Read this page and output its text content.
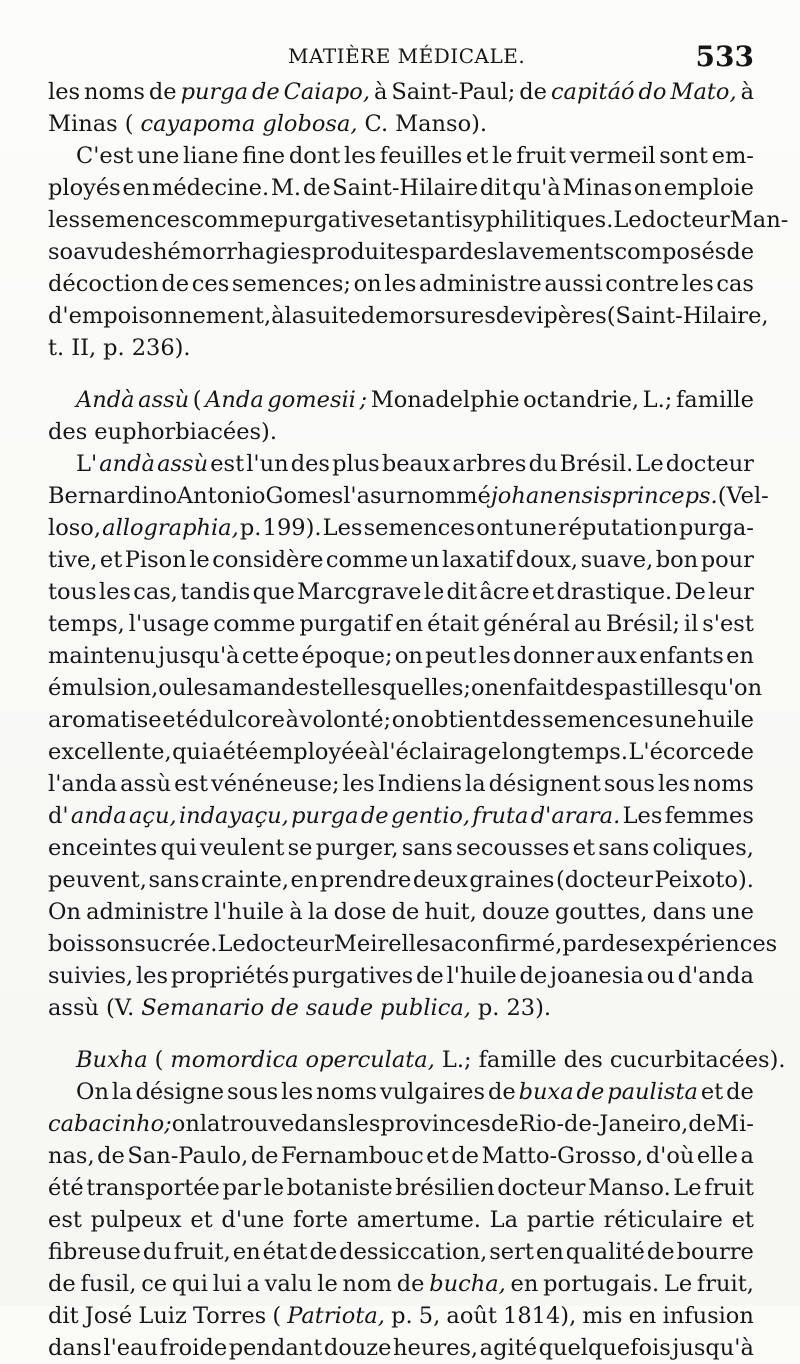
MATIÈRE MÉDICALE.	533
les noms de purga de Caiapo, à Saint-Paul; de capitáó do Mato, à
Minas ( cayapoma globosa, C. Manso).
C'est une liane fine dont les feuilles et le fruit vermeil sont em-
ployés en médecine. M. de Saint-Hilaire dit qu'à Minas on emploie
les semences comme purgatives et antisyphilitiques. Le docteur Man-
so a vu des hémorrhagies produites par des lavements composés de
décoction de ces semences; on les administre aussi contre les cas
d'empoisonnement, à la suite de morsures de vipères (Saint-Hilaire,
t. II, p. 236).
Andà assù ( Anda gomesii ; Monadelphie octandrie, L.; famille
des euphorbiacées).
L' andà assù est l'un des plus beaux arbres du Brésil. Le docteur
Bernardino Antonio Gomes l'a surnommé johanensis princeps. (Vel-
loso, allographia, p. 199). Les semences ont une réputation purga-
tive, et Pison le considère comme un laxatif doux, suave, bon pour
tous les cas, tandis que Marcgrave le dit âcre et drastique. De leur
temps, l'usage comme purgatif en était général au Brésil; il s'est
maintenu jusqu'à cette époque; on peut les donner aux enfants en
émulsion, ou les amandes telles quelles; on en fait des pastilles qu'on
aromatise et édulcore à volonté; on obtient des semences une huile
excellente, qui a été employée à l'éclairage longtemps. L'écorce de
l'anda assù est vénéneuse; les Indiens la désignent sous les noms
d' anda açu, indayaçu, purga de gentio, fruta d'arara. Les femmes
enceintes qui veulent se purger, sans secousses et sans coliques,
peuvent, sans crainte, en prendre deux graines (docteur Peixoto).
On administre l'huile à la dose de huit, douze gouttes, dans une
boisson sucrée. Le docteur Meirelles a confirmé, par des expériences
suivies, les propriétés purgatives de l'huile de joanesia ou d'anda
assù (V. Semanario de saude publica, p. 23).
Buxha ( momordica operculata, L.; famille des cucurbitacées).
On la désigne sous les noms vulgaires de buxa de paulista et de
cabacinho; on la trouve dans les provinces de Rio-de-Janeiro, de Mi-
nas, de San-Paulo, de Fernambouc et de Matto-Grosso, d'où elle a
été transportée par le botaniste brésilien docteur Manso. Le fruit
est pulpeux et d'une forte amertume. La partie réticulaire et
fibreuse du fruit, en état de dessiccation, sert en qualité de bourre
de fusil, ce qui lui a valu le nom de bucha, en portugais. Le fruit,
dit José Luiz Torres ( Patriota, p. 5, août 1814), mis en infusion
dans l'eau froide pendant douze heures, agité quelquefois jusqu'à
